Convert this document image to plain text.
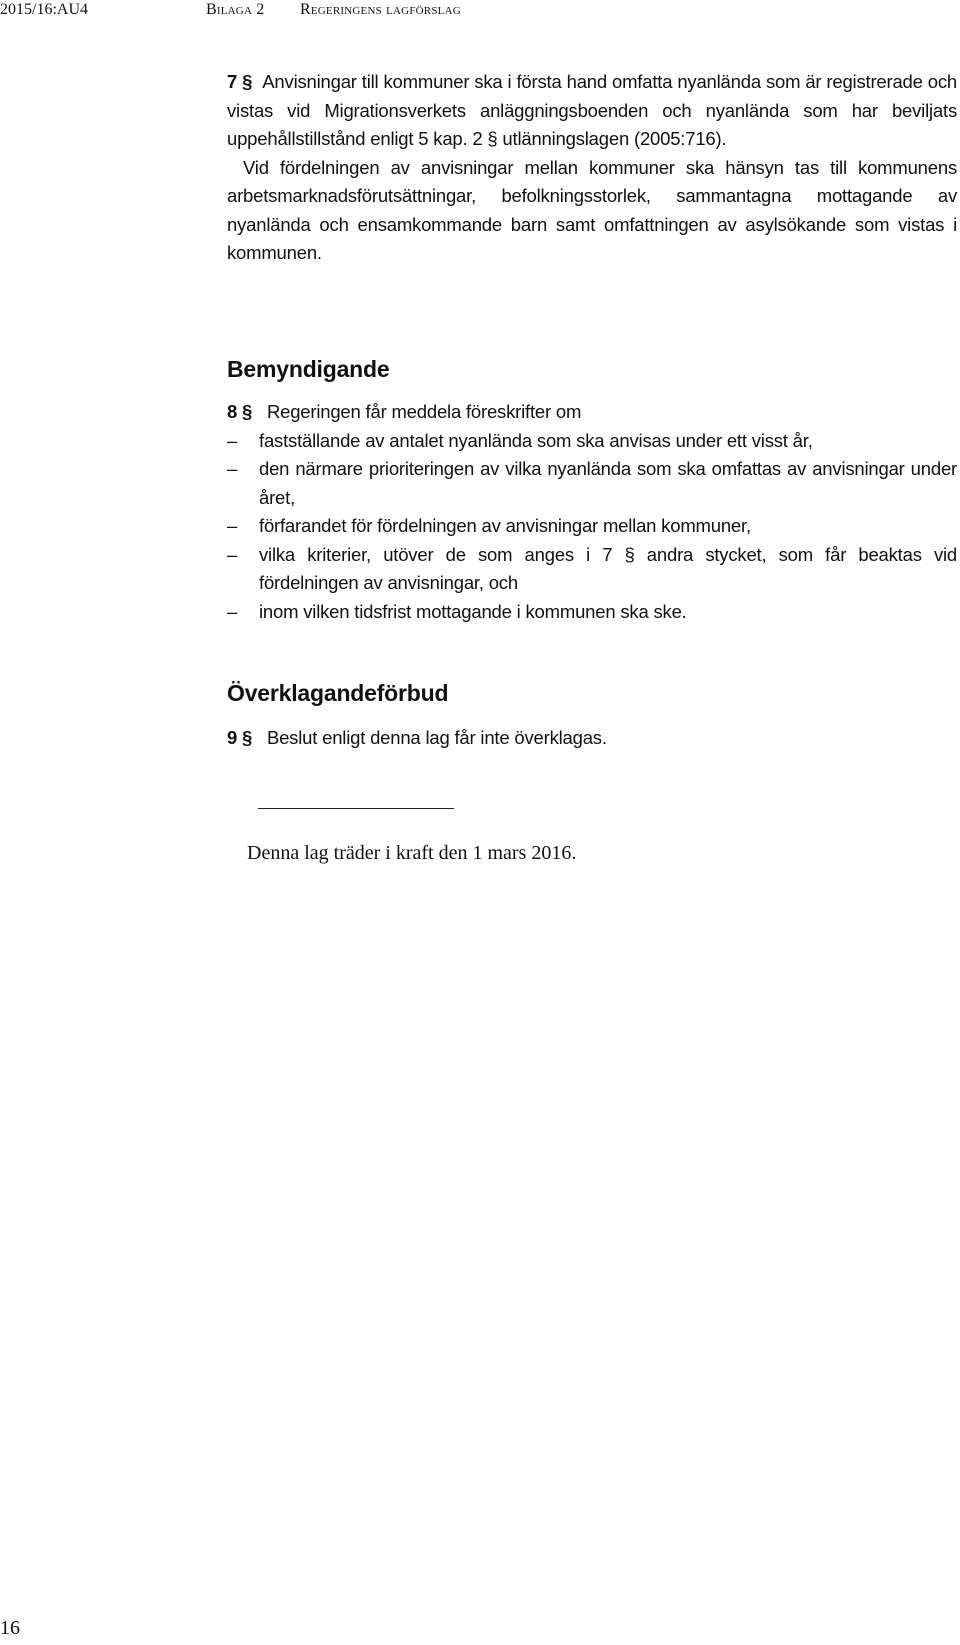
2015/16:AU4	Bilaga 2 Regeringens lagförslag

7 § Anvisningar till kommuner ska i första hand omfatta nyanlända som är registrerade och vistas vid Migrationsverkets anläggningsboenden och nyanlända som har beviljats uppehållstillstånd enligt 5 kap. 2 § utlänningslagen (2005:716).

Vid fördelningen av anvisningar mellan kommuner ska hänsyn tas till kommunens arbetsmarknadsförutsättningar, befolkningsstorlek, sammantagna mottagande av nyanlända och ensamkommande barn samt omfattningen av asylsökande som vistas i kommunen.

Bemyndigande

8 § Regeringen får meddela föreskrifter om

– fastställande av antalet nyanlända som ska anvisas under ett visst år,
– den närmare prioriteringen av vilka nyanlända som ska omfattas av anvisningar under året,
– förfarandet för fördelningen av anvisningar mellan kommuner,
– vilka kriterier, utöver de som anges i 7 § andra stycket, som får beaktas vid fördelningen av anvisningar, och
– inom vilken tidsfrist mottagande i kommunen ska ske.
Överklagandeförbud

9 § Beslut enligt denna lag får inte överklagas.

Denna lag träder i kraft den 1 mars 2016.
16
